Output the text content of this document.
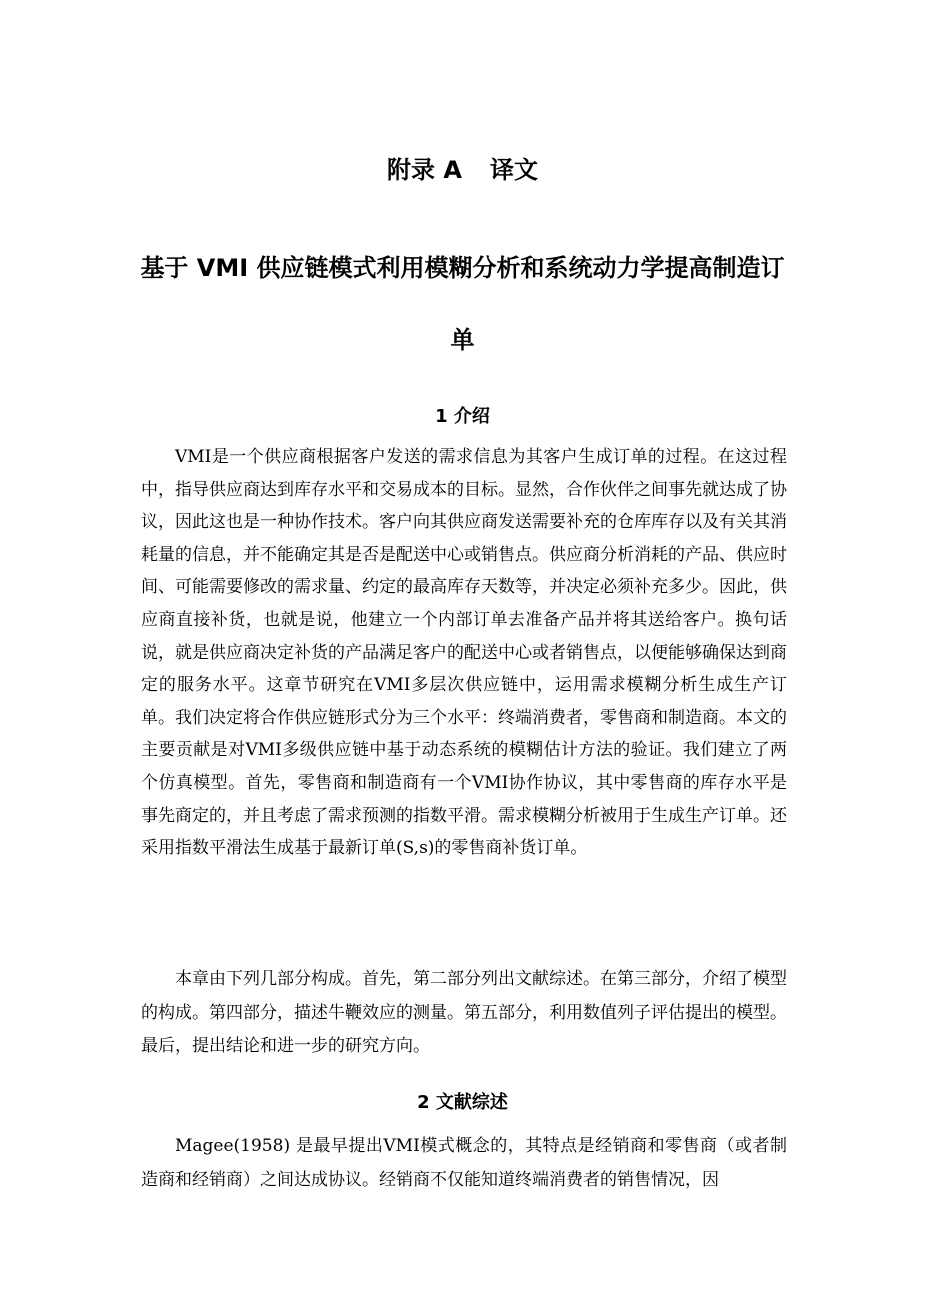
附录 A 译文
基于 VMI 供应链模式利用模糊分析和系统动力学提高制造订单
1 介绍

VMI是一个供应商根据客户发送的需求信息为其客户生成订单的过程。在这过程中，指导供应商达到库存水平和交易成本的目标。显然，合作伙伴之间事先就达成了协议，因此这也是一种协作技术。客户向其供应商发送需要补充的仓库库存以及有关其消耗量的信息，并不能确定其是否是配送中心或销售点。供应商分析消耗的产品、供应时间、可能需要修改的需求量、约定的最高库存天数等，并决定必须补充多少。因此，供应商直接补货，也就是说，他建立一个内部订单去准备产品并将其送给客户。换句话说，就是供应商决定补货的产品满足客户的配送中心或者销售点，以便能够确保达到商定的服务水平。这章节研究在VMI多层次供应链中，运用需求模糊分析生成生产订单。我们决定将合作供应链形式分为三个水平：终端消费者，零售商和制造商。本文的主要贡献是对VMI多级供应链中基于动态系统的模糊估计方法的验证。我们建立了两个仿真模型。首先，零售商和制造商有一个VMI协作协议，其中零售商的库存水平是事先商定的，并且考虑了需求预测的指数平滑。需求模糊分析被用于生成生产订单。还采用指数平滑法生成基于最新订单(S,s)的零售商补货订单。

本章由下列几部分构成。首先，第二部分列出文献综述。在第三部分，介绍了模型的构成。第四部分，描述牛鞭效应的测量。第五部分，利用数值列子评估提出的模型。最后，提出结论和进一步的研究方向。

2 文献综述

Magee(1958) 是最早提出VMI模式概念的，其特点是经销商和零售商（或者制造商和经销商）之间达成协议。经销商不仅能知道终端消费者的销售情况，因
